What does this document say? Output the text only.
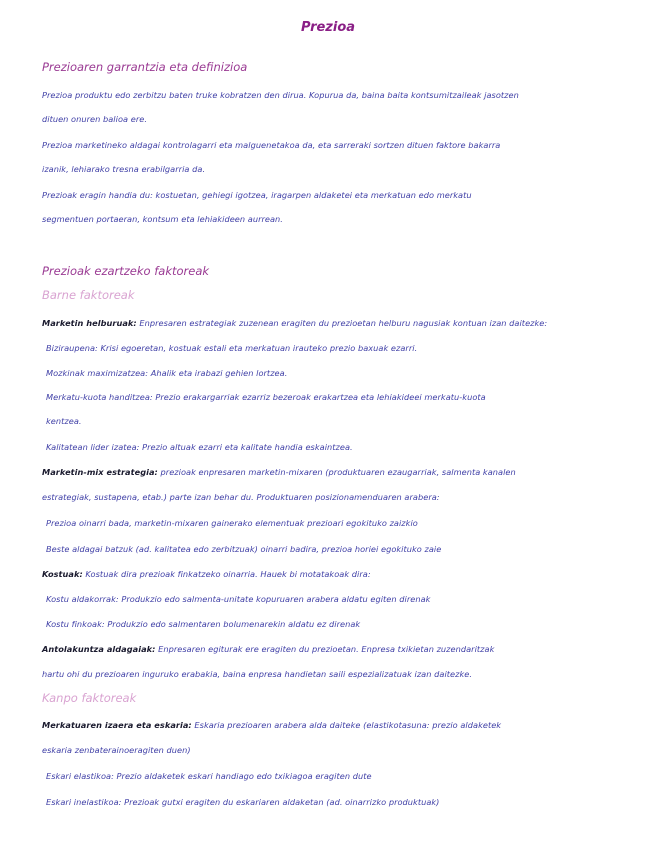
Prezioa
Prezioaren garrantzia eta definizioa
Prezioa produktu edo zerbitzu baten truke kobratzen den dirua. Kopurua da, baina baita kontsumitzaileak jasotzen
dituen onuren balioa ere.
Prezioa marketineko aldagai kontrolagarri eta malguenetakoa da, eta sarreraki sortzen dituen faktore bakarra
izanik, lehiarako tresna erabilgarria da.
Prezioak eragin handia du: kostuetan, gehiegi igotzea, iragarpen aldaketei eta merkatuan edo merkatu
segmentuen portaeran, kontsum eta lehiakideen aurrean.
Prezioak ezartzeko faktoreak
Barne faktoreak
Marketin helburuak: Enpresaren estrategiak zuzenean eragiten du prezioetan helburu nagusiak kontuan izan daitezke:
Biziraupena: Krisi egoeretan, kostuak estali eta merkatuan irauteko prezio baxuak ezarri.
Mozkinak maximizatzea: Ahalik eta irabazi gehien lortzea.
Merkatu-kuota handitzea: Prezio erakargarriak ezarriz bezeroak erakartzea eta lehiakideei merkatu-kuota
kentzea.
Kalitatean lider izatea: Prezio altuak ezarri eta kalitate handia eskaintzea.
Marketin-mix estrategia: prezioak enpresaren marketin-mixaren (produktuaren ezaugarriak, salmenta kanalen
estrategiak, sustapena, etab.) parte izan behar du. Produktuaren posizionamenduaren arabera:
Prezioa oinarri bada, marketin-mixaren gainerako elementuak prezioari egokituko zaizkio
Beste aldagai batzuk (ad. kalitatea edo zerbitzuak) oinarri badira, prezioa horiei egokituko zaie
Kostuak: Kostuak dira prezioak finkatzeko oinarria. Hauek bi motatakoak dira:
Kostu aldakorrak: Produkzio edo salmenta-unitate kopuruaren arabera aldatu egiten direnak
Kostu finkoak: Produkzio edo salmentaren bolumenarekin aldatu ez direnak
Antolakuntza aldagaiak: Enpresaren egiturak ere eragiten du prezioetan. Enpresa txikietan zuzendaritzak
hartu ohi du prezioaren inguruko erabakia, baina enpresa handietan saili espezializatuak izan daitezke.
Kanpo faktoreak
Merkatuaren izaera eta eskaria: Eskaria prezioaren arabera alda daiteke (elastikotasuna: prezio aldaketek
eskaria zenbaterainoeragiten duen)
Eskari elastikoa: Prezio aldaketek eskari handiago edo txikiagoa eragiten dute
Eskari inelastikoa: Prezioak gutxi eragiten du eskariaren aldaketan (ad. oinarrizko produktuak)
